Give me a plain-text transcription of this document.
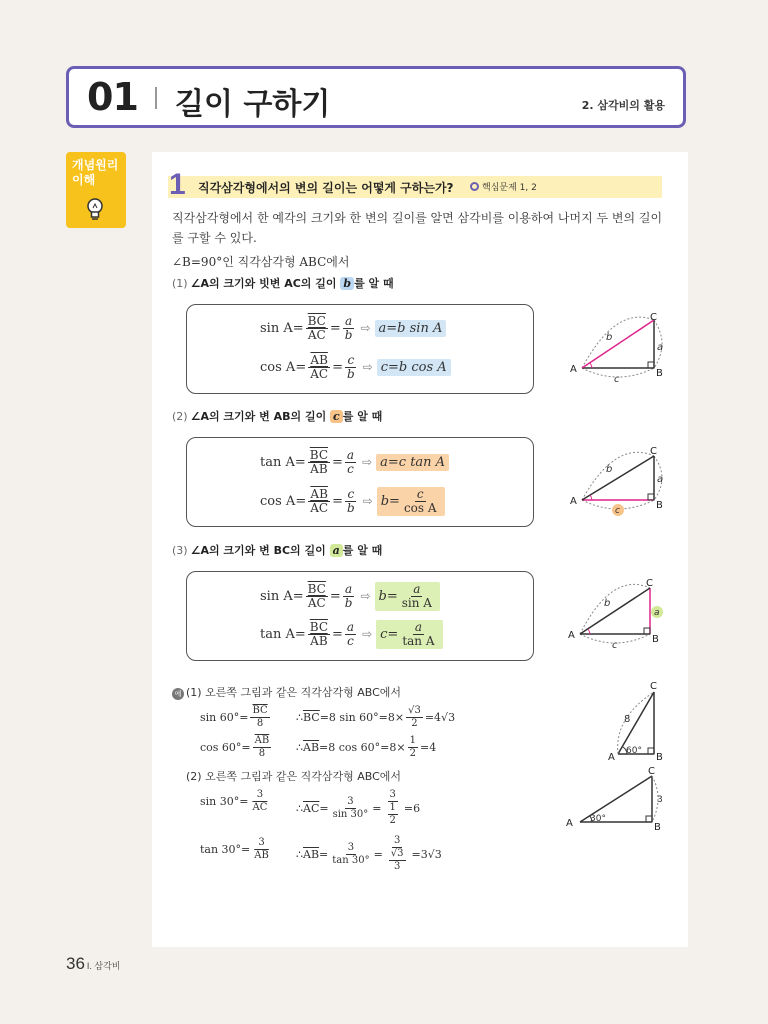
01 길이 구하기	2. 삼각비의 활용
개념원리
이해	1 직각삼각형에서의 변의 길이는 어떻게 구하는가?	핵심문제 1, 2
직각삼각형에서 한 예각의 크기와 한 변의 길이를 알면 삼각비를 이용하여 나머지 두 변의 길이를 구할 수 있다.
∠B=90°인 직각삼각형 ABC에서
(1) ∠A의 크기와 빗변 AC의 길이 b 를 알 때
$\sin A = \frac{\overline{BC}}{AC} = \frac{a}{b}$ ⇨ a=b sin A
$\cos A = \frac{\overline{AB}}{AC} = \frac{c}{b}$ ⇨ c=b cos A	A	B
C
b
a
c
(2) ∠A의 크기와 변 AB의 길이 c 를 알 때
$\tan A = \frac{\overline{BC}}{AB} = \frac{a}{c}$ ⇨ a=c tan A
$\cos A = \frac{\overline{AB}}{AC} = \frac{c}{b}$ ⇨ $b= \frac{c}{\text{cos A}}$	A	B
C
b
a
c
(3) ∠A의 크기와 변 BC의 길이 a 를 알 때
$\sin A = \frac{\overline{BC}}{AC} = \frac{a}{b}$ ⇨ $b= \frac{a}{\text{sin A}}$
$\tan A = \frac{\overline{BC}}{AB} = \frac{a}{c}$ ⇨ $c= \frac{a}{\text{tan A}}$	A	B
C
b
a
c
예 (1) 오른쪽 그림과 같은 직각삼각형 ABC에서
$\sin 60^\circ= \frac{\overline{BC}}{8}$ ∴ $\overline{BC} =8$ $\sin 60^\circ=8\times \frac{√3}{2} =4√3$
$\cos 60^\circ= \frac{\overline{AB}}{8}$ ∴ $\overline{AB} =8$ $\cos 60^\circ=8\times \frac{1}{2} =4$
(2) 오른쪽 그림과 같은 직각삼각형 ABC에서
$\sin 30^\circ= \frac{3}{AC}$ ∴ $\overline{AC} = \frac{3}{\sin 30^\circ} = \frac{3}{\frac{1}{2}} =6$
$\tan 30^\circ= \frac{3}{AB}$ ∴ $\overline{AB} = \frac{3}{\tan 30^\circ} = \frac{3}{\frac{√3}{3}} =3√3$
A	B
C
8
60°
A	B
C
3
30°
36 I. 삼각비
